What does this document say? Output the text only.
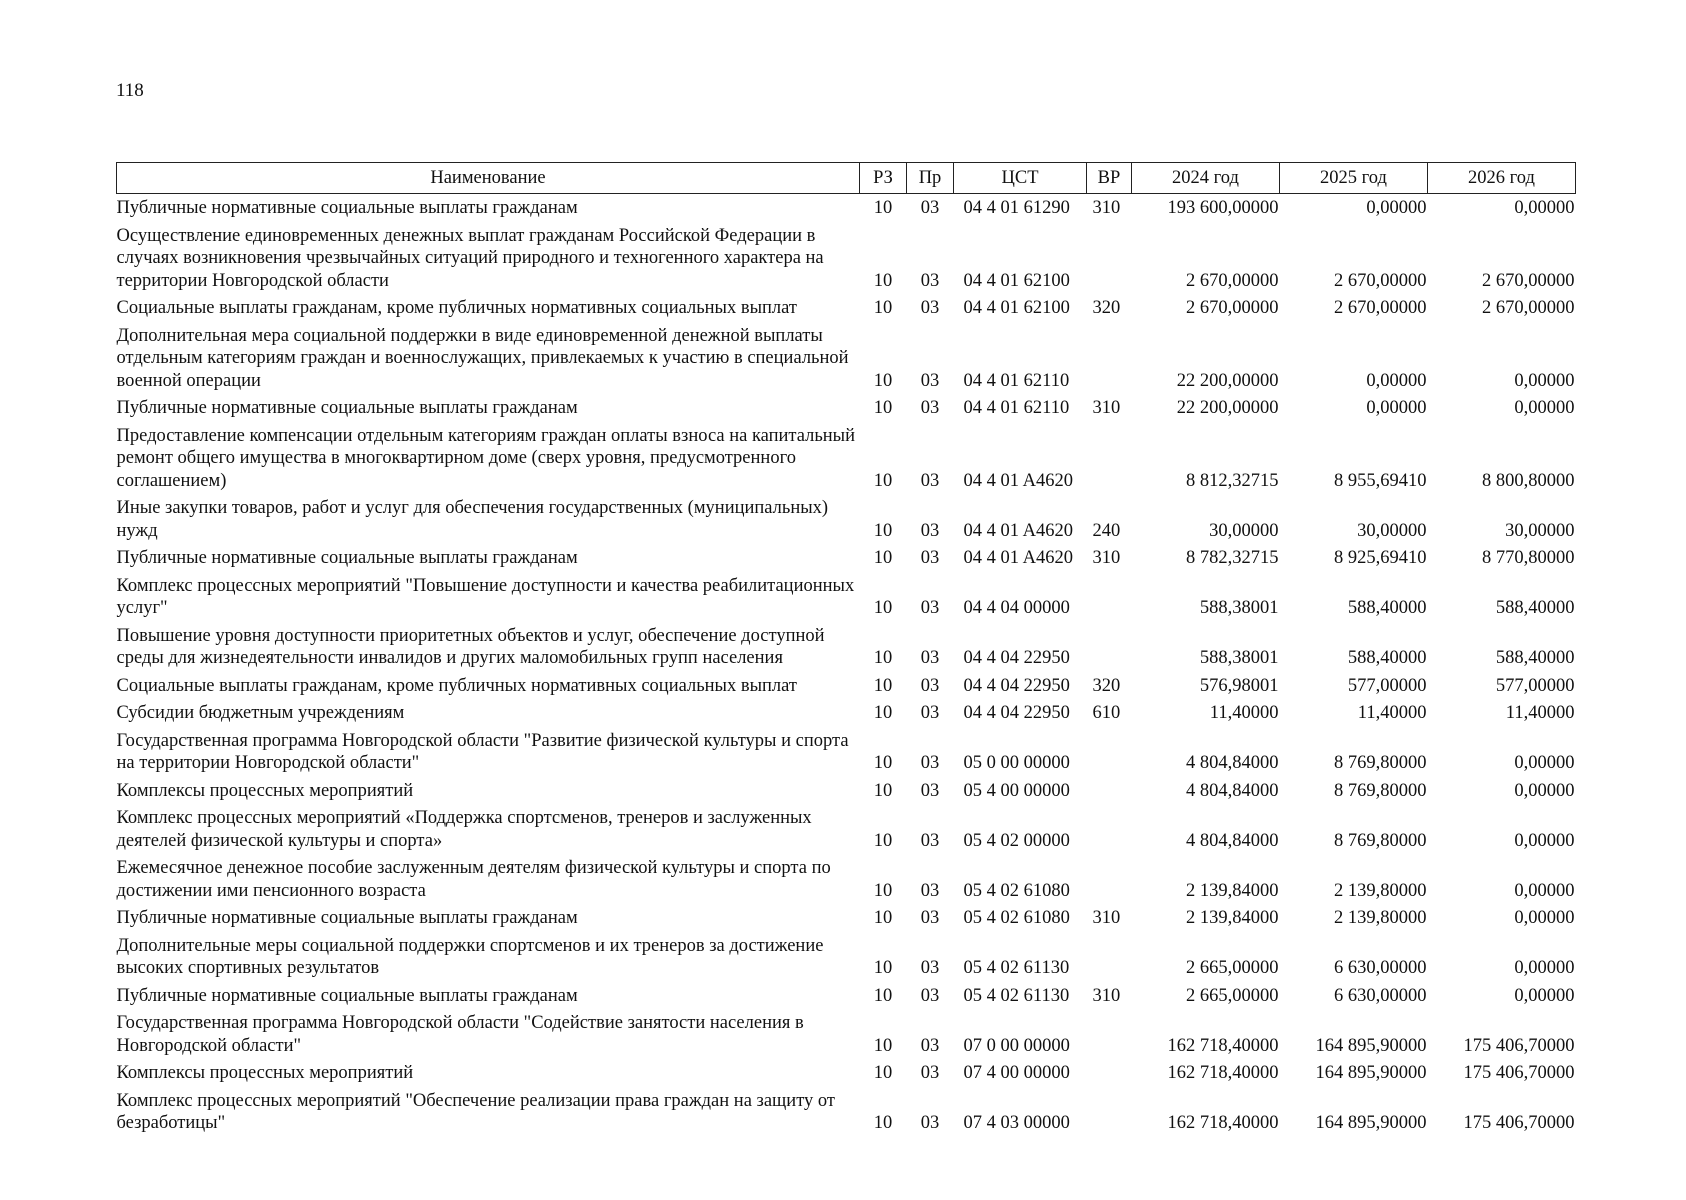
118
Наименование	РЗ	Пр	ЦСТ	ВР	2024 год	2025 год	2026 год
Публичные нормативные социальные выплаты гражданам	10	03	04 4 01 61290	310	193 600,00000	0,00000	0,00000
Осуществление единовременных денежных выплат гражданам Российской Федерации в случаях возникновения чрезвычайных ситуаций природного и техногенного характера на территории Новгородской области	10	03	04 4 01 62100		2 670,00000	2 670,00000	2 670,00000
Социальные выплаты гражданам, кроме публичных нормативных социальных выплат	10	03	04 4 01 62100	320	2 670,00000	2 670,00000	2 670,00000
Дополнительная мера социальной поддержки в виде единовременной денежной выплаты отдельным категориям граждан и военнослужащих, привлекаемых к участию в специальной военной операции	10	03	04 4 01 62110		22 200,00000	0,00000	0,00000
Публичные нормативные социальные выплаты гражданам	10	03	04 4 01 62110	310	22 200,00000	0,00000	0,00000
Предоставление компенсации отдельным категориям граждан оплаты взноса на капитальный ремонт общего имущества в многоквартирном доме (сверх уровня, предусмотренного соглашением)	10	03	04 4 01 A4620		8 812,32715	8 955,69410	8 800,80000
Иные закупки товаров, работ и услуг для обеспечения государственных (муниципальных) нужд	10	03	04 4 01 A4620	240	30,00000	30,00000	30,00000
Публичные нормативные социальные выплаты гражданам	10	03	04 4 01 A4620	310	8 782,32715	8 925,69410	8 770,80000
Комплекс процессных мероприятий "Повышение доступности и качества реабилитационных услуг"	10	03	04 4 04 00000		588,38001	588,40000	588,40000
Повышение уровня доступности приоритетных объектов и услуг, обеспечение доступной среды для жизнедеятельности инвалидов и других маломобильных групп населения	10	03	04 4 04 22950		588,38001	588,40000	588,40000
Социальные выплаты гражданам, кроме публичных нормативных социальных выплат	10	03	04 4 04 22950	320	576,98001	577,00000	577,00000
Субсидии бюджетным учреждениям	10	03	04 4 04 22950	610	11,40000	11,40000	11,40000
Государственная программа Новгородской области "Развитие физической культуры и спорта на территории Новгородской области"	10	03	05 0 00 00000		4 804,84000	8 769,80000	0,00000
Комплексы процессных мероприятий	10	03	05 4 00 00000		4 804,84000	8 769,80000	0,00000
Комплекс процессных мероприятий «Поддержка спортсменов, тренеров и заслуженных деятелей физической культуры и спорта»	10	03	05 4 02 00000		4 804,84000	8 769,80000	0,00000
Ежемесячное денежное пособие заслуженным деятелям физической культуры и спорта по достижении ими пенсионного возраста	10	03	05 4 02 61080		2 139,84000	2 139,80000	0,00000
Публичные нормативные социальные выплаты гражданам	10	03	05 4 02 61080	310	2 139,84000	2 139,80000	0,00000
Дополнительные меры социальной поддержки спортсменов и их тренеров за достижение высоких спортивных результатов	10	03	05 4 02 61130		2 665,00000	6 630,00000	0,00000
Публичные нормативные социальные выплаты гражданам	10	03	05 4 02 61130	310	2 665,00000	6 630,00000	0,00000
Государственная программа Новгородской области "Содействие занятости населения в Новгородской области"	10	03	07 0 00 00000		162 718,40000	164 895,90000	175 406,70000
Комплексы процессных мероприятий	10	03	07 4 00 00000		162 718,40000	164 895,90000	175 406,70000
Комплекс процессных мероприятий "Обеспечение реализации права граждан на защиту от безработицы"	10	03	07 4 03 00000		162 718,40000	164 895,90000	175 406,70000
